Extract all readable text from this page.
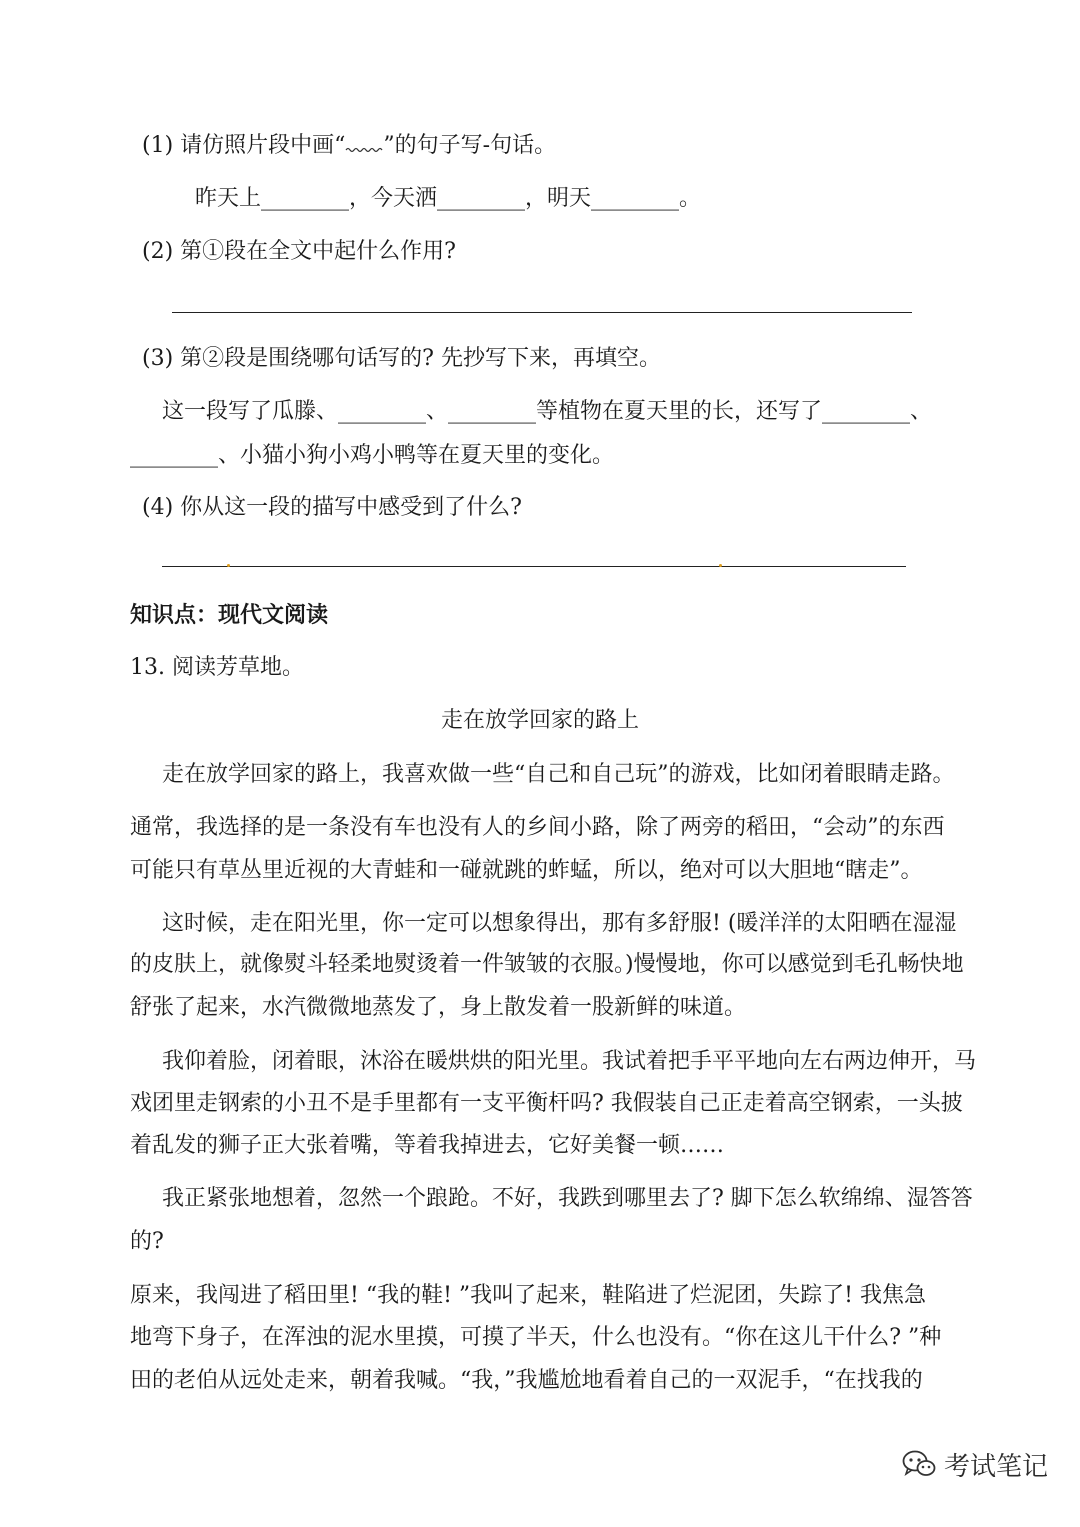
(1) 请仿照片段中画“ ”的句子写-句话。
昨天上________，今天洒________，明天________。
(2) 第①段在全文中起什么作用?
(3) 第②段是围绕哪句话写的? 先抄写下来，再填空。
这一段写了瓜滕、________、________等植物在夏天里的长，还写了________、
________、小猫小狗小鸡小鸭等在夏天里的变化。
(4) 你从这一段的描写中感受到了什么?
知识点：现代文阅读
13. 阅读芳草地。
走在放学回家的路上
走在放学回家的路上，我喜欢做一些“自己和自己玩”的游戏，比如闭着眼睛走路。
通常，我选择的是一条没有车也没有人的乡间小路，除了两旁的稻田，“会动”的东西
可能只有草丛里近视的大青蛙和一碰就跳的蚱蜢，所以，绝对可以大胆地“瞎走”。
这时候，走在阳光里，你一定可以想象得出，那有多舒服! (暖洋洋的太阳晒在湿湿
的皮肤上，就像熨斗轻柔地熨烫着一件皱皱的衣服。)慢慢地，你可以感觉到毛孔畅快地
舒张了起来，水汽微微地蒸发了，身上散发着一股新鲜的味道。
我仰着脸，闭着眼，沐浴在暖烘烘的阳光里。我试着把手平平地向左右两边伸开，马
戏团里走钢索的小丑不是手里都有一支平衡杆吗? 我假装自己正走着高空钢索，一头披
着乱发的狮子正大张着嘴，等着我掉进去，它好美餐一顿……
我正紧张地想着，忽然一个踉跄。不好，我跌到哪里去了? 脚下怎么软绵绵、湿答答
的?
原来，我闯进了稻田里! “我的鞋! ”我叫了起来，鞋陷进了烂泥团，失踪了! 我焦急
地弯下身子，在浑浊的泥水里摸，可摸了半天，什么也没有。“你在这儿干什么? ”种
田的老伯从远处走来，朝着我喊。“我，”我尴尬地看着自己的一双泥手，“在找我的
考试笔记
